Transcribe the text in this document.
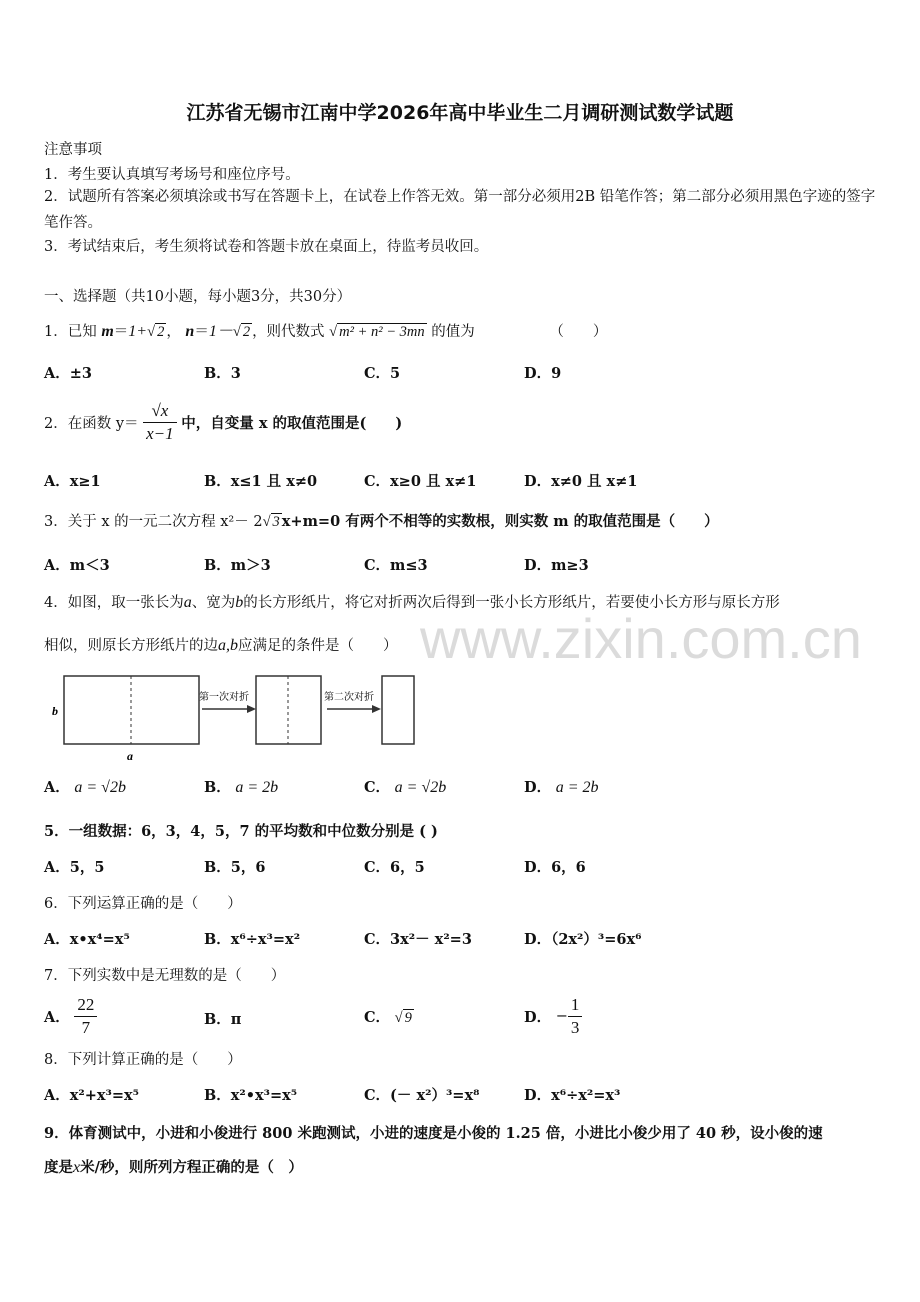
江苏省无锡市江南中学2026年高中毕业生二月调研测试数学试题
注意事项
1．考生要认真填写考场号和座位序号。
2．试题所有答案必须填涂或书写在答题卡上，在试卷上作答无效。第一部分必须用2B 铅笔作答；第二部分必须用黑色字迹的签字笔作答。
3．考试结束后，考生须将试卷和答题卡放在桌面上，待监考员收回。
一、选择题（共10小题，每小题3分，共30分）
1．已知 m＝1+√ 2 ， n＝1－√ 2 ，则代数式 √ m² + n² − 3mn 的值为	（　　）
A．±3	B．3	C．5	D．9
2．在函数 $y= \frac{√x}{x-1}$ 中，自变量 x 的取值范围是(　　)
A．x≥1	B．x≤1 且 x≠0	C．x≥0 且 x≠1	D．x≠0 且 x≠1
3．关于 x 的一元二次方程 x²－ 2√ 3 x+m=0 有两个不相等的实数根，则实数 m 的取值范围是（　　）
A．m＜3	B．m＞3	C．m≤3	D．m≥3
4．如图，取一张长为a、宽为b的长方形纸片，将它对折两次后得到一张小长方形纸片，若要使小长方形与原长方形
相似，则原长方形纸片的边a,b应满足的条件是（　　） www.zixin.com.cn
b
a
第一次对折	第二次对折
A． a = √2b	B． a = 2b	C． a = √2b	D． a = 2b
5．一组数据：6，3，4，5，7 的平均数和中位数分别是 ( )
A．5，5	B．5，6	C．6，5	D．6，6
6．下列运算正确的是（　　）
A．x•x⁴=x⁵	B．x⁶÷x³=x²	C．3x²－ x²=3	D．（2x²）³=6x⁶
7．下列实数中是无理数的是（　　）
A． $\frac{22}{7}$	B．π	C． √ 9	D． − $\frac{1}{3}$
8．下列计算正确的是（　　）
A．x²+x³=x⁵	B．x²•x³=x⁵	C．(－ x²）³=x⁸	D．x⁶÷x²=x³
9．体育测试中，小进和小俊进行 800 米跑测试，小进的速度是小俊的 1.25 倍，小进比小俊少用了 40 秒，设小俊的速
度是x米/秒，则所列方程正确的是（　）
